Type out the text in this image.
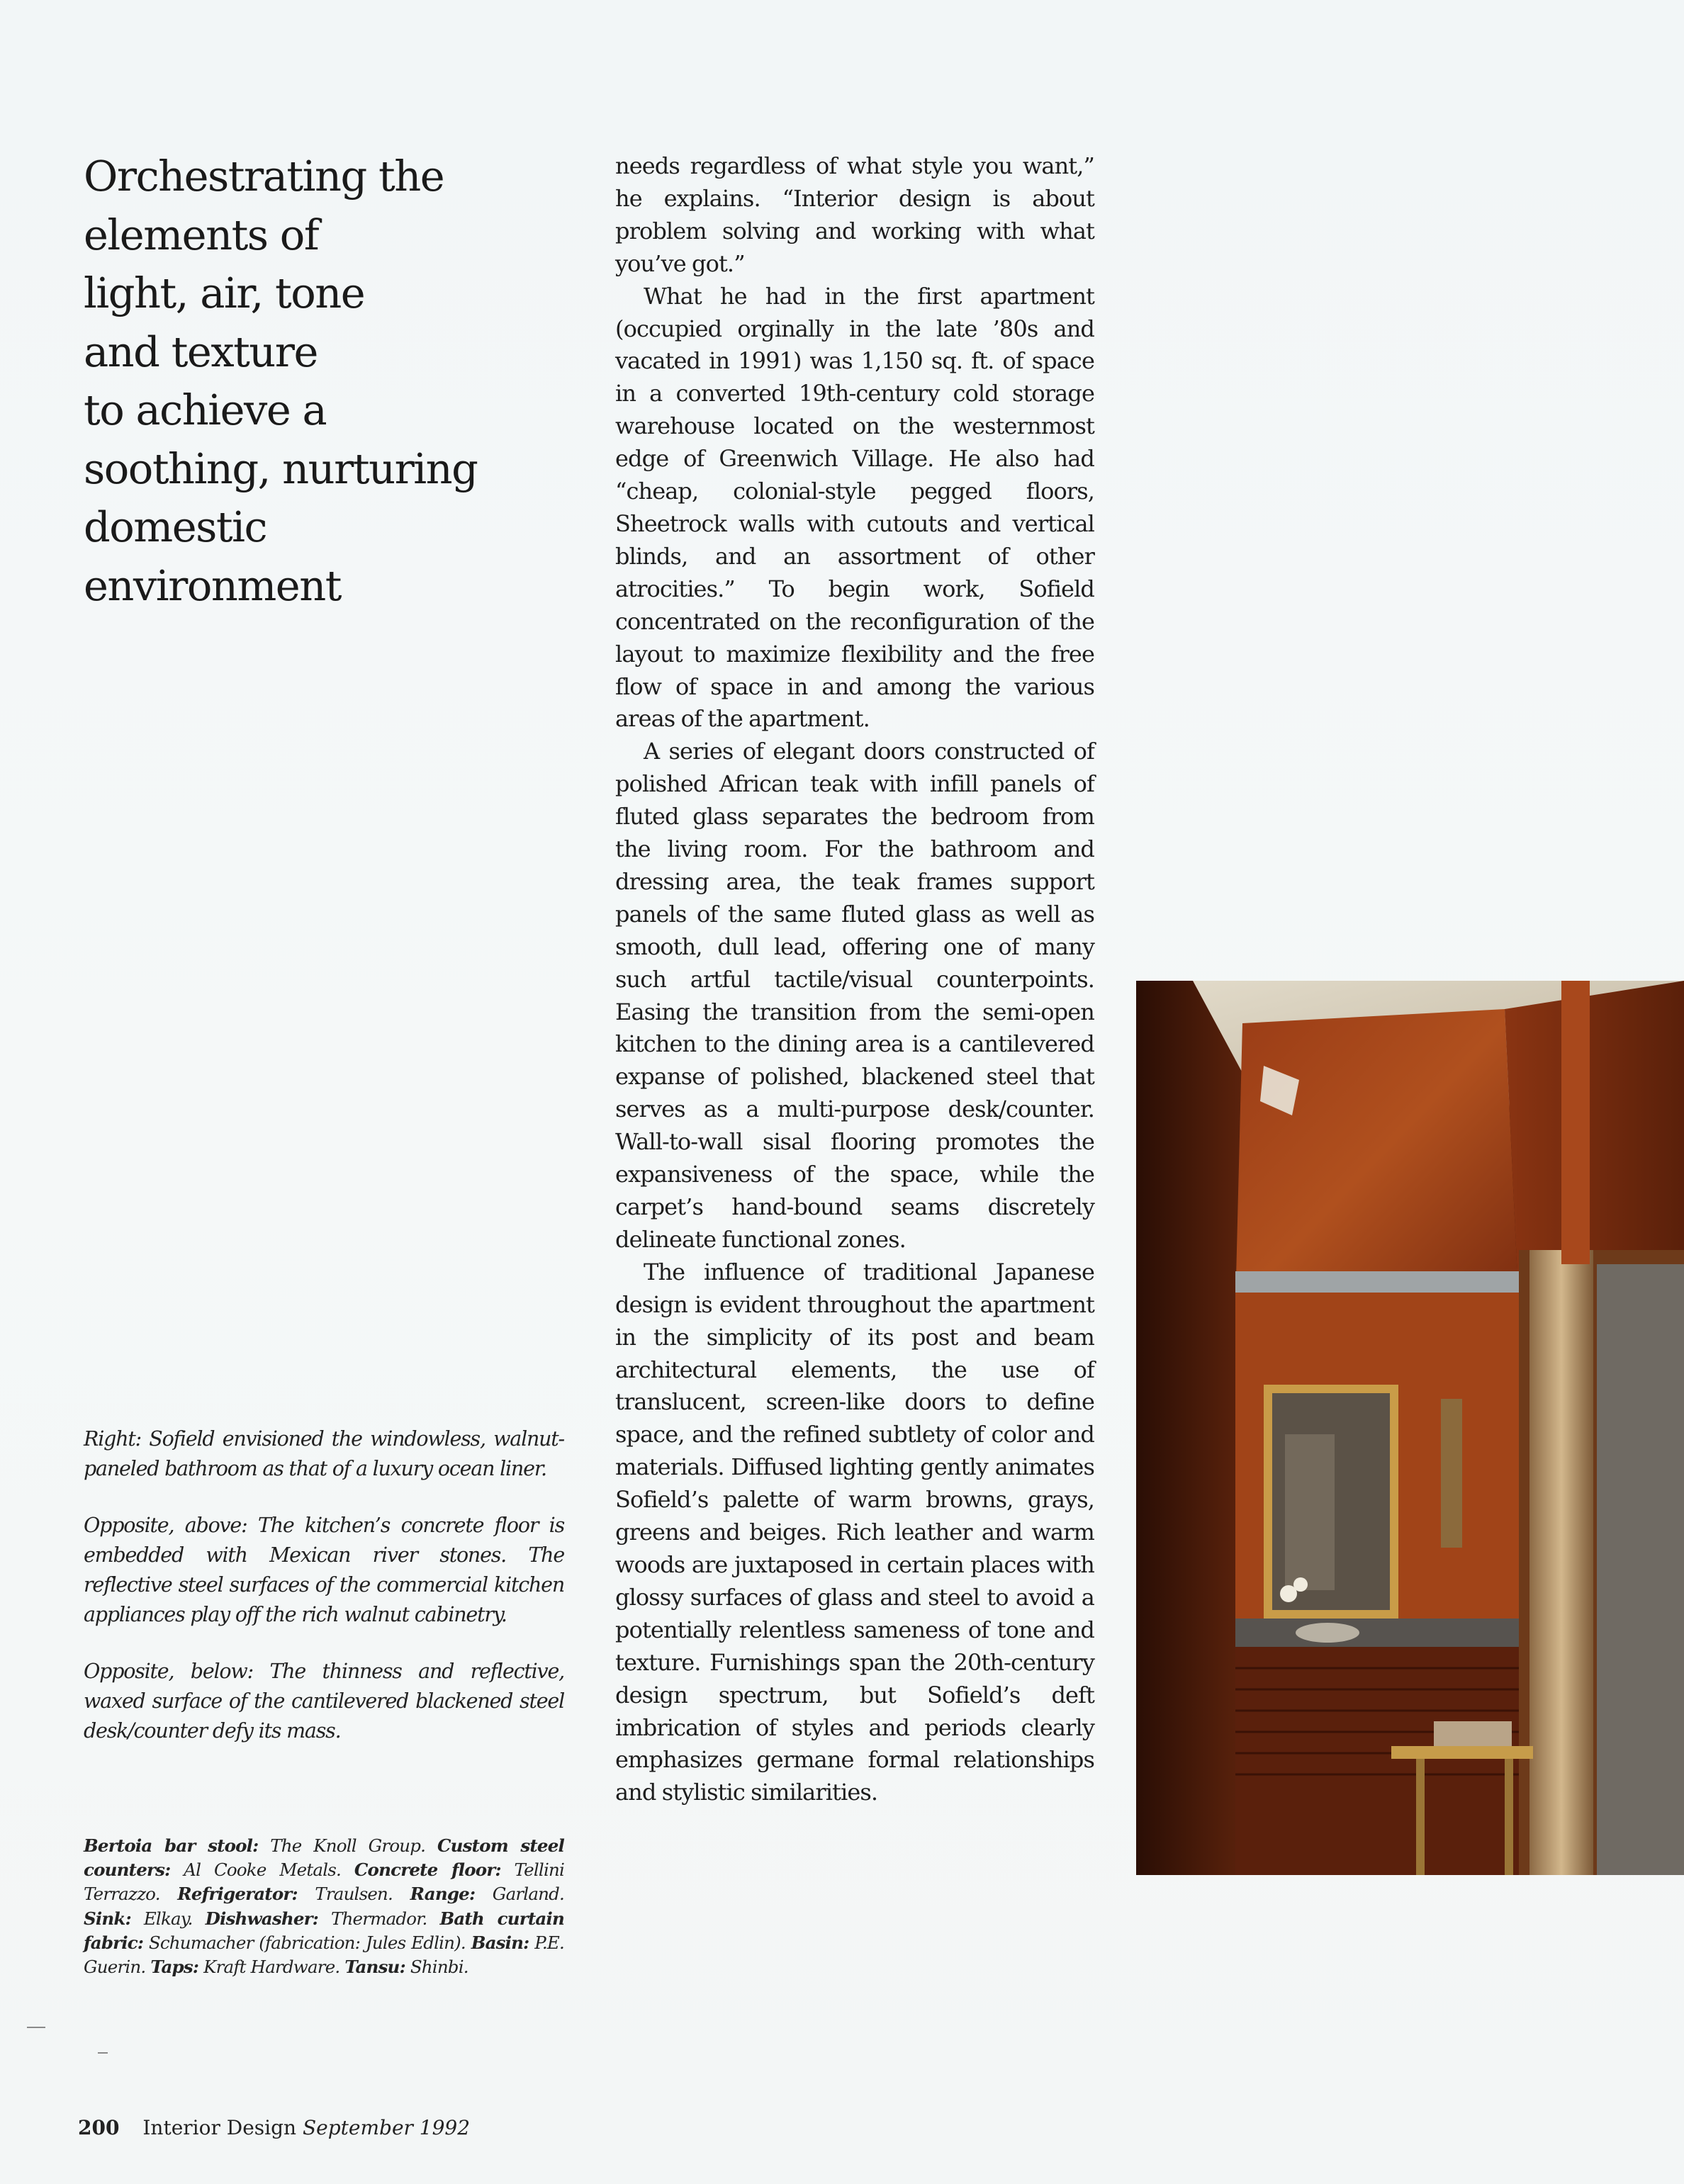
Orchestrating the
elements of
light, air, tone
and texture
to achieve a
soothing, nurturing
domestic
environment

needs regardless of what style you want,” he explains. “Interior design is about problem solving and working with what you’ve got.”

What he had in the first apartment (occupied orginally in the late ’80s and vacated in 1991) was 1,150 sq. ft. of space in a converted 19th-century cold storage warehouse located on the westernmost edge of Greenwich Village. He also had “cheap, colonial-style pegged floors, Sheetrock walls with cutouts and vertical blinds, and an assortment of other atrocities.” To begin work, Sofield concentrated on the reconfiguration of the layout to maximize flexibility and the free flow of space in and among the various areas of the apartment.

A series of elegant doors constructed of polished African teak with infill panels of fluted glass separates the bedroom from the living room. For the bathroom and dressing area, the teak frames support panels of the same fluted glass as well as smooth, dull lead, offering one of many such artful tactile/visual counterpoints. Easing the transition from the semi-open kitchen to the dining area is a cantilevered expanse of polished, blackened steel that serves as a multi-purpose desk/counter. Wall-to-wall sisal flooring promotes the expansiveness of the space, while the carpet’s hand-bound seams discretely delineate functional zones.

The influence of traditional Japanese design is evident throughout the apartment in the simplicity of its post and beam architectural elements, the use of translucent, screen-like doors to define space, and the refined subtlety of color and materials. Diffused lighting gently animates Sofield’s palette of warm browns, grays, greens and beiges. Rich leather and warm woods are juxtaposed in certain places with glossy surfaces of glass and steel to avoid a potentially relentless sameness of tone and texture. Furnishings span the 20th-century design spectrum, but Sofield’s deft imbrication of styles and periods clearly emphasizes germane formal relationships and stylistic similarities.

Right: Sofield envisioned the windowless, walnut-paneled bathroom as that of a luxury ocean liner.

Opposite, above: The kitchen’s concrete floor is embedded with Mexican river stones. The reflective steel surfaces of the commercial kitchen appliances play off the rich walnut cabinetry.

Opposite, below: The thinness and reflective, waxed surface of the cantilevered blackened steel desk/counter defy its mass.

Bertoia bar stool: The Knoll Group. Custom steel counters: Al Cooke Metals. Concrete floor: Tellini Terrazzo. Refrigerator: Traulsen. Range: Garland. Sink: Elkay. Dishwasher: Thermador. Bath curtain fabric: Schumacher (fabrication: Jules Edlin). Basin: P.E. Guerin. Taps: Kraft Hardware. Tansu: Shinbi.
200 Interior Design September 1992
